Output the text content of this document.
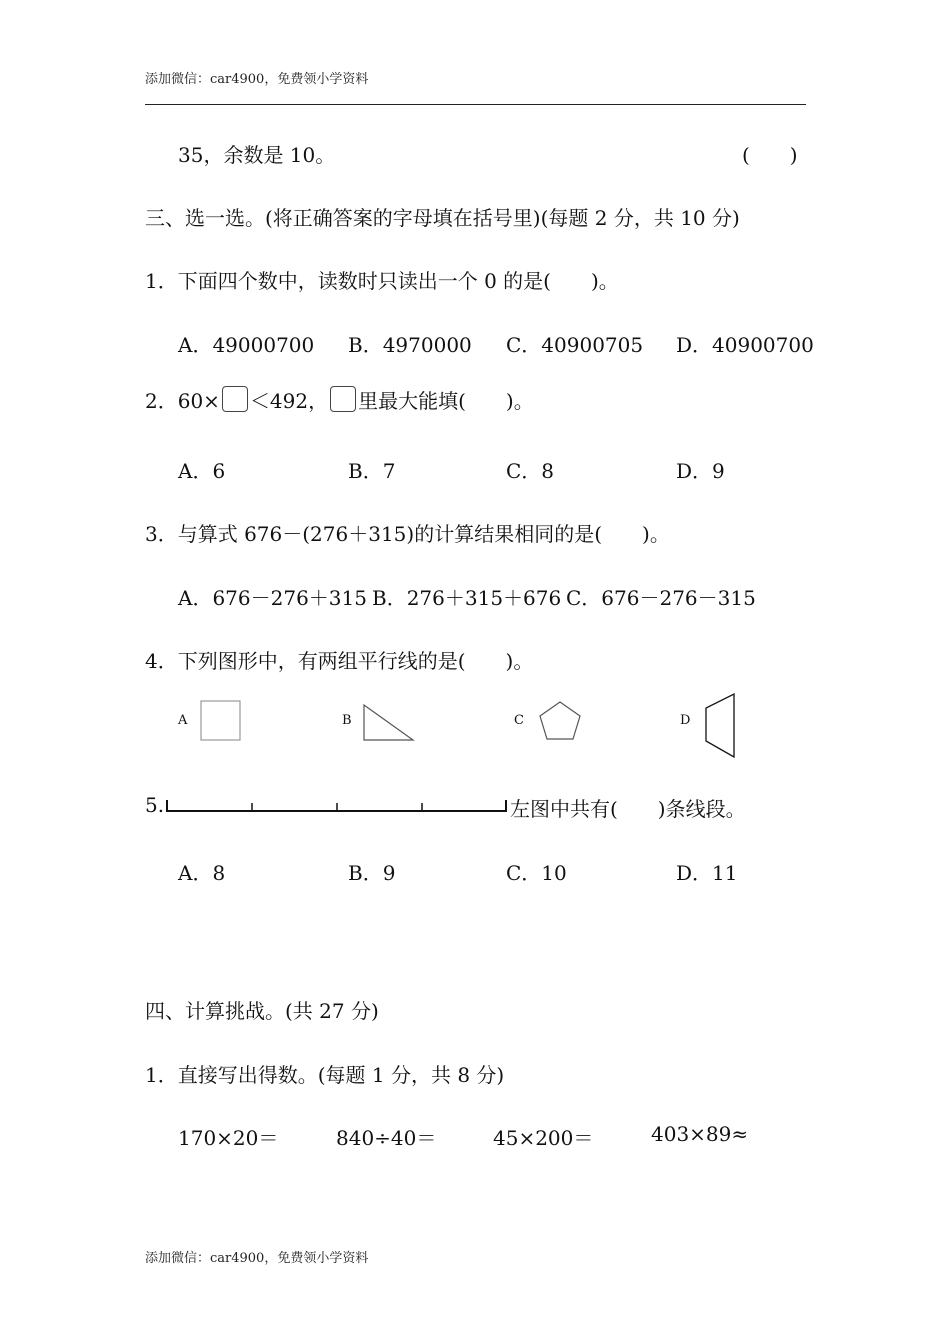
添加微信：car4900，免费领小学资料
35，余数是 10。	(　　)
三、选一选。(将正确答案的字母填在括号里)(每题 2 分，共 10 分)
1．下面四个数中，读数时只读出一个 0 的是(　　)。
A．49000700 B．4970000 C．40900705 D．40900700
2．60× ＜492， 里最大能填(　　)。
A．6	B．7	C．8	D．9
3．与算式 676－(276＋315)的计算结果相同的是(　　)。
A．676－276＋315 B．276＋315＋676 C．676－276－315
4．下列图形中，有两组平行线的是(　　)。
A	B	C	D
5.	左图中共有(　　)条线段。
A．8	B．9	C．10	D．11
四、计算挑战。(共 27 分)
1．直接写出得数。(每题 1 分，共 8 分)
170×20＝	840÷40＝	45×200＝	403×89≈
添加微信：car4900，免费领小学资料
